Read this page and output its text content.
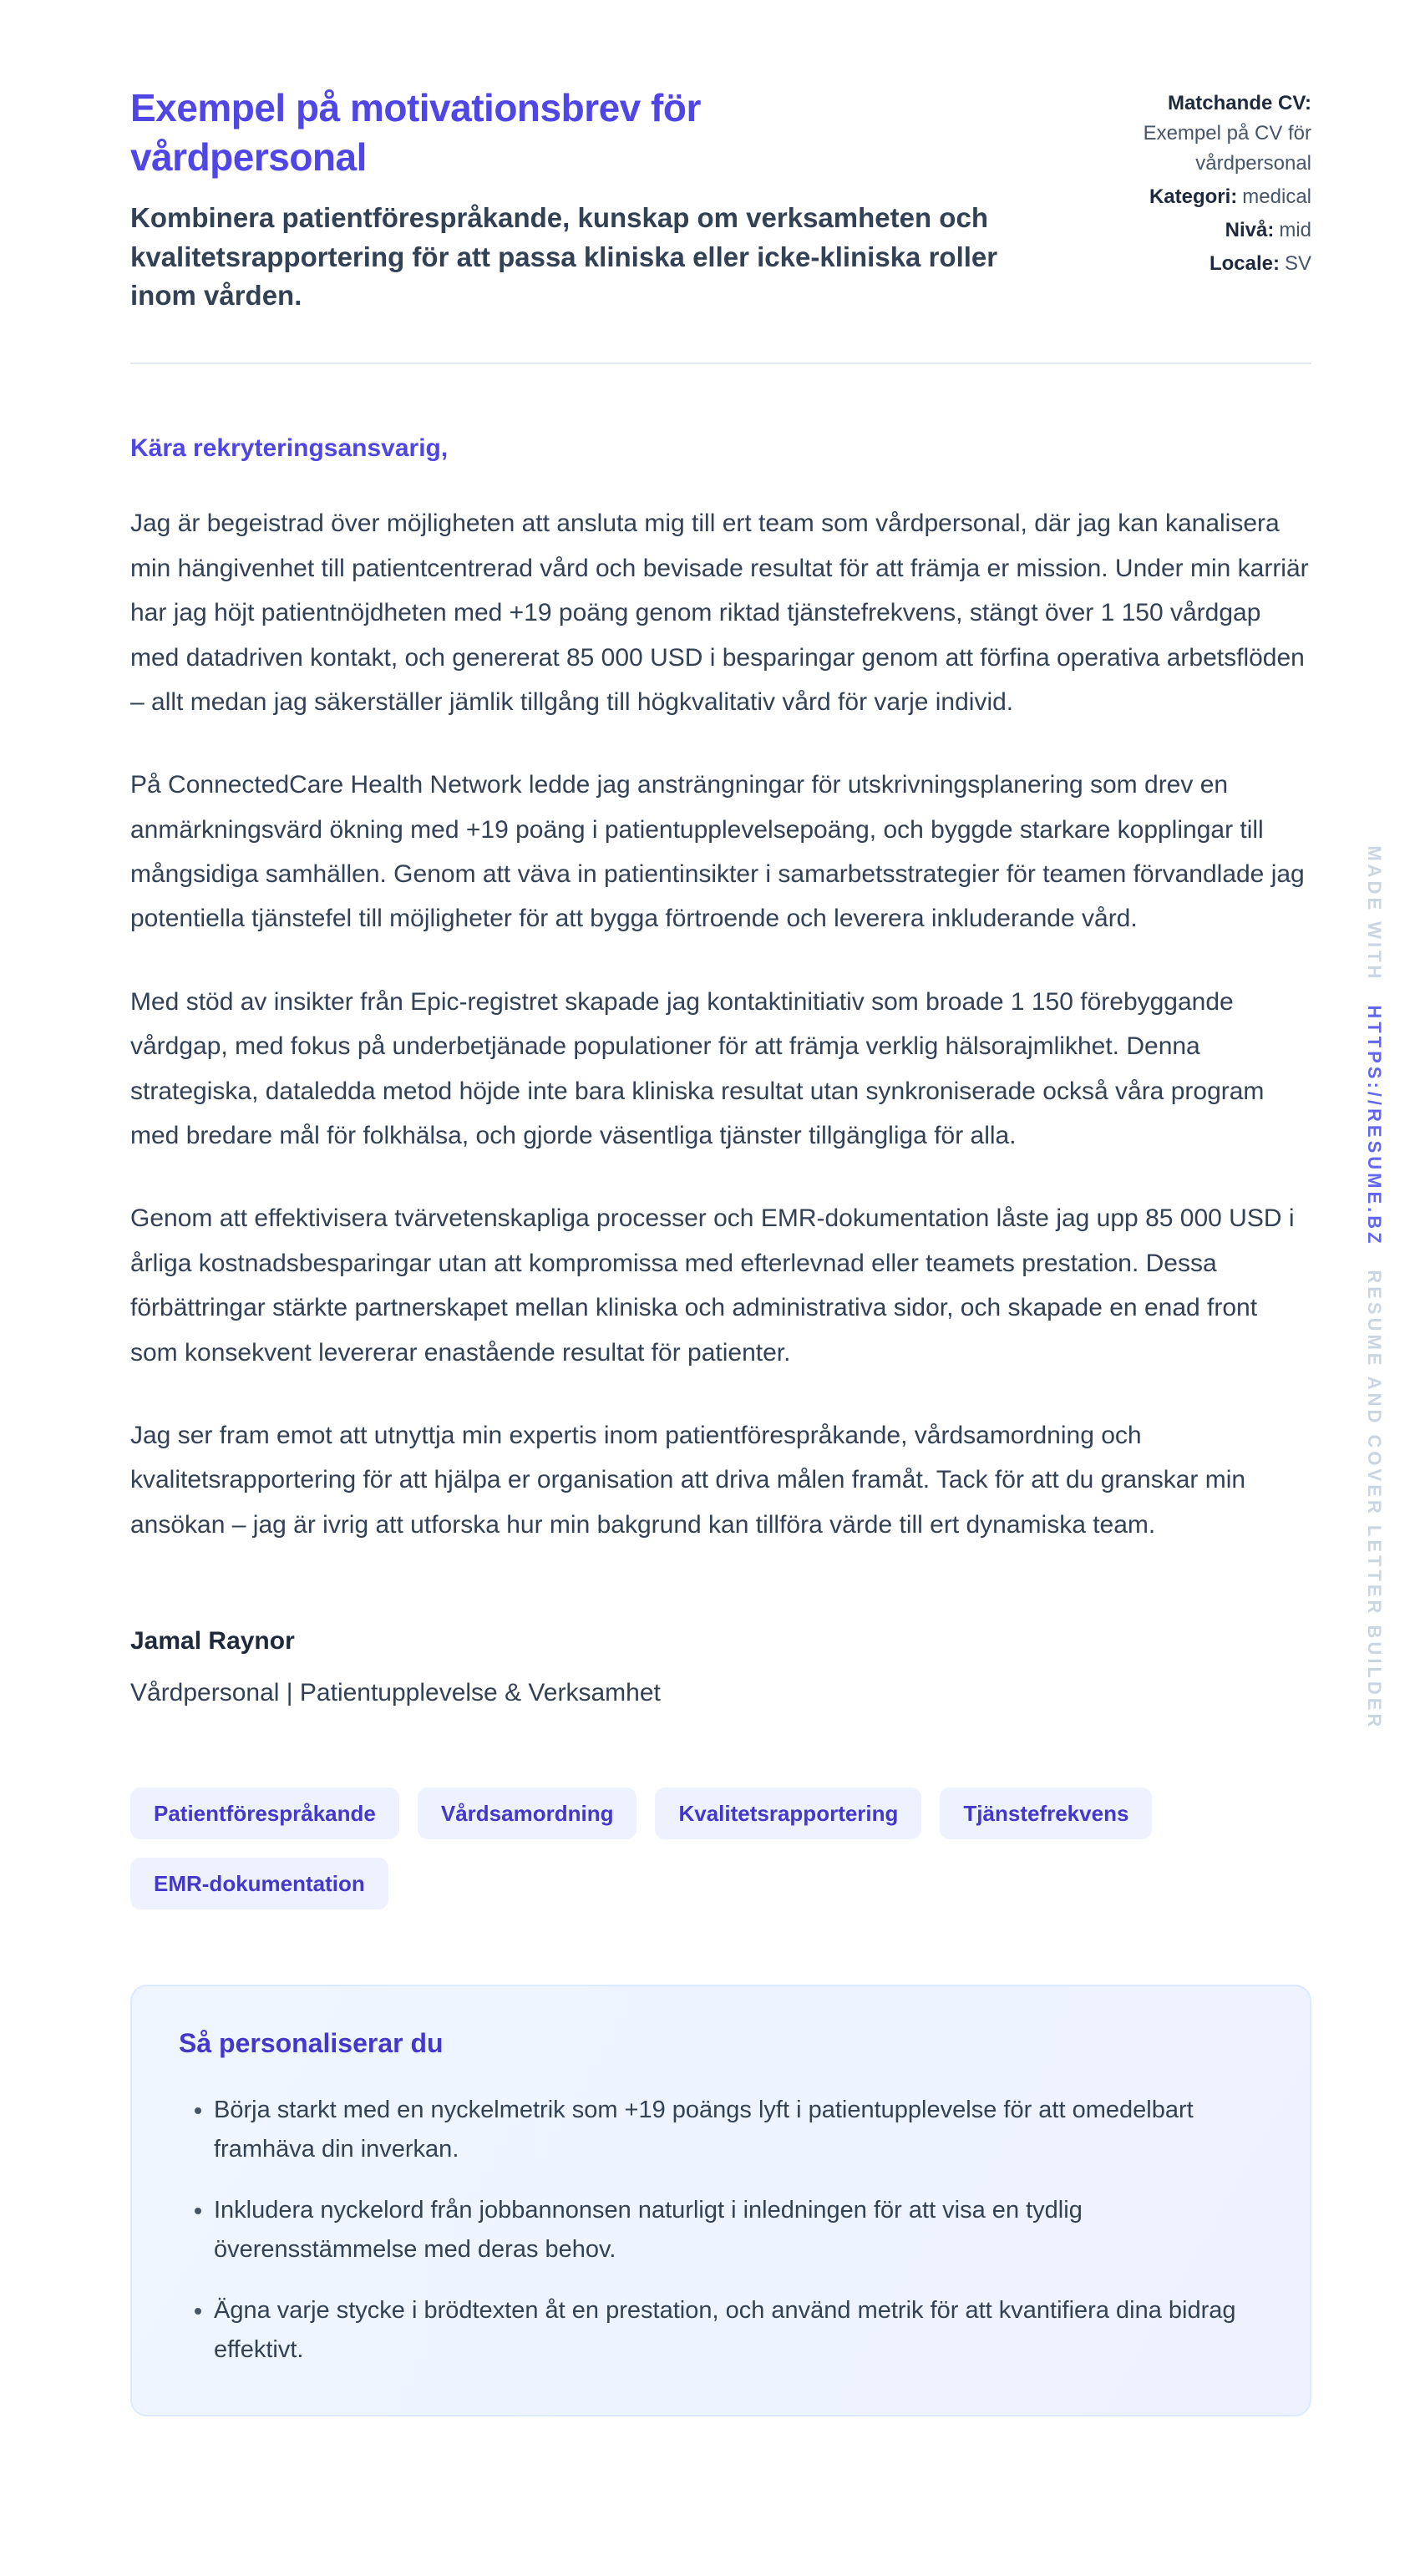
Exempel på motivationsbrev för vårdpersonal

Kombinera patientförespråkande, kunskap om verksamheten och kvalitetsrapportering för att passa kliniska eller icke-kliniska roller inom vården.

Matchande CV:
Exempel på CV för vårdpersonal
Kategori: medical
Nivå: mid
Locale: SV

Kära rekryteringsansvarig,

Jag är begeistrad över möjligheten att ansluta mig till ert team som vårdpersonal, där jag kan kanalisera min hängivenhet till patientcentrerad vård och bevisade resultat för att främja er mission. Under min karriär har jag höjt patientnöjdheten med +19 poäng genom riktad tjänstefrekvens, stängt över 1 150 vårdgap med datadriven kontakt, och genererat 85 000 USD i besparingar genom att förfina operativa arbetsflöden – allt medan jag säkerställer jämlik tillgång till högkvalitativ vård för varje individ.

På ConnectedCare Health Network ledde jag ansträngningar för utskrivningsplanering som drev en anmärkningsvärd ökning med +19 poäng i patientupplevelsepoäng, och byggde starkare kopplingar till mångsidiga samhällen. Genom att väva in patientinsikter i samarbetsstrategier för teamen förvandlade jag potentiella tjänstefel till möjligheter för att bygga förtroende och leverera inkluderande vård.

Med stöd av insikter från Epic-registret skapade jag kontaktinitiativ som broade 1 150 förebyggande vårdgap, med fokus på underbetjänade populationer för att främja verklig hälsorajmlikhet. Denna strategiska, dataledda metod höjde inte bara kliniska resultat utan synkroniserade också våra program med bredare mål för folkhälsa, och gjorde väsentliga tjänster tillgängliga för alla.

Genom att effektivisera tvärvetenskapliga processer och EMR-dokumentation låste jag upp 85 000 USD i årliga kostnadsbesparingar utan att kompromissa med efterlevnad eller teamets prestation. Dessa förbättringar stärkte partnerskapet mellan kliniska och administrativa sidor, och skapade en enad front som konsekvent levererar enastående resultat för patienter.

Jag ser fram emot att utnyttja min expertis inom patientförespråkande, vårdsamordning och kvalitetsrapportering för att hjälpa er organisation att driva målen framåt. Tack för att du granskar min ansökan – jag är ivrig att utforska hur min bakgrund kan tillföra värde till ert dynamiska team.

Jamal Raynor

Vårdpersonal | Patientupplevelse & Verksamhet

Patientförespråkande	Vårdsamordning	Kvalitetsrapportering	Tjänstefrekvens
EMR-dokumentation
Så personaliserar du
• Börja starkt med en nyckelmetrik som +19 poängs lyft i patientupplevelse för att omedelbart framhäva din inverkan.
• Inkludera nyckelord från jobbannonsen naturligt i inledningen för att visa en tydlig överensstämmelse med deras behov.
• Ägna varje stycke i brödtexten åt en prestation, och använd metrik för att kvantifiera dina bidrag effektivt.
MADE WITH
HTTPS://RESUME.BZ
RESUME AND COVER LETTER BUILDER
